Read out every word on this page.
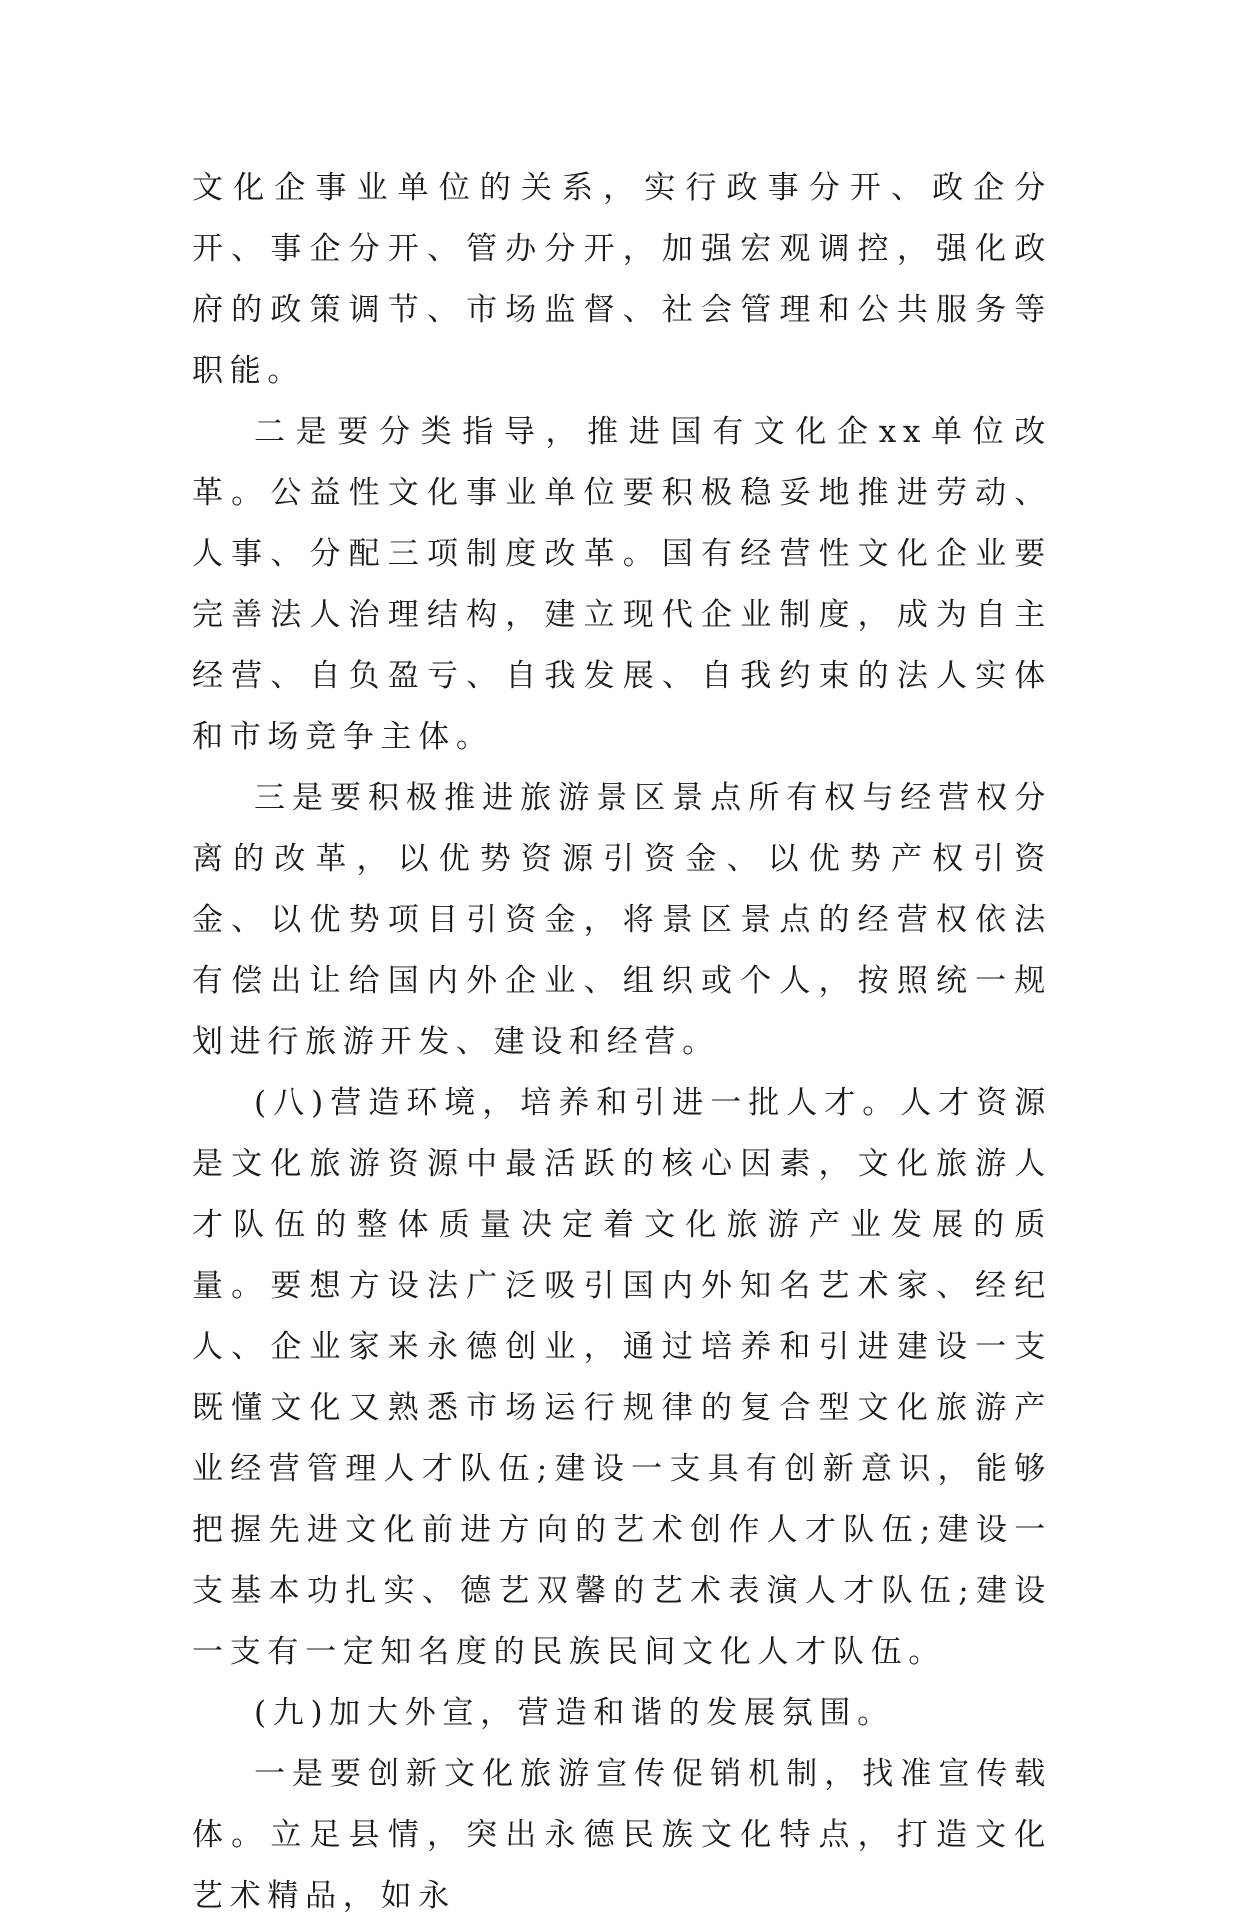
文化企事业单位的关系，实行政事分开、政企分开、事企分开、管办分开，加强宏观调控，强化政府的政策调节、市场监督、社会管理和公共服务等职能。

二是要分类指导，推进国有文化企xx单位改革。公益性文化事业单位要积极稳妥地推进劳动、人事、分配三项制度改革。国有经营性文化企业要完善法人治理结构，建立现代企业制度，成为自主经营、自负盈亏、自我发展、自我约束的法人实体和市场竞争主体。

三是要积极推进旅游景区景点所有权与经营权分离的改革，以优势资源引资金、以优势产权引资金、以优势项目引资金，将景区景点的经营权依法有偿出让给国内外企业、组织或个人，按照统一规划进行旅游开发、建设和经营。

(八)营造环境，培养和引进一批人才。人才资源是文化旅游资源中最活跃的核心因素，文化旅游人才队伍的整体质量决定着文化旅游产业发展的质量。要想方设法广泛吸引国内外知名艺术家、经纪人、企业家来永德创业，通过培养和引进建设一支既懂文化又熟悉市场运行规律的复合型文化旅游产业经营管理人才队伍;建设一支具有创新意识，能够把握先进文化前进方向的艺术创作人才队伍;建设一支基本功扎实、德艺双馨的艺术表演人才队伍;建设一支有一定知名度的民族民间文化人才队伍。

(九)加大外宣，营造和谐的发展氛围。

一是要创新文化旅游宣传促销机制，找准宣传载体。立足县情，突出永德民族文化特点，打造文化艺术精品，如永
